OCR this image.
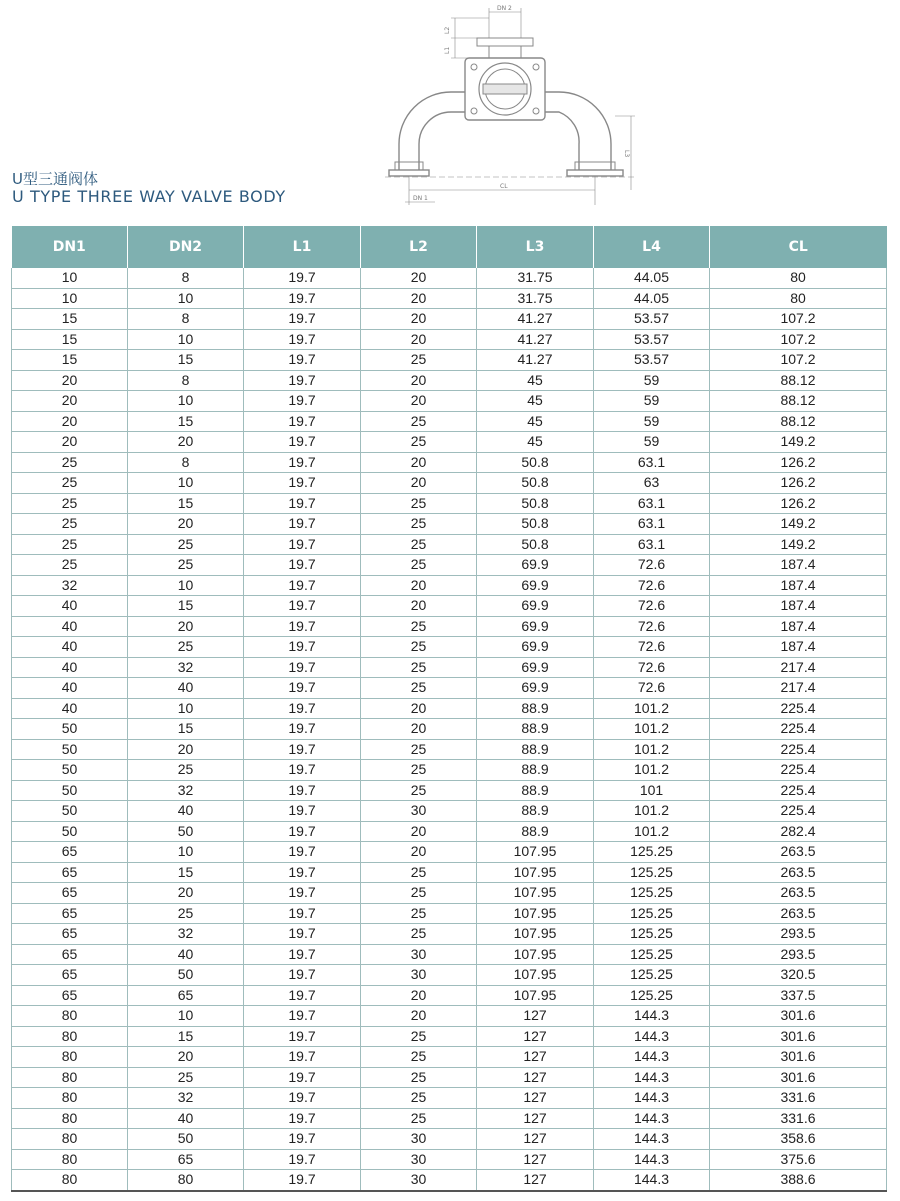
DN 2
L2
L1
L3
CL
DN 1
U型三通阀体
U TYPE THREE WAY VALVE BODY
DN1	DN2	L1	L2	L3	L4	CL
10	8	19.7	20	31.75	44.05	80
10	10	19.7	20	31.75	44.05	80
15	8	19.7	20	41.27	53.57	107.2
15	10	19.7	20	41.27	53.57	107.2
15	15	19.7	25	41.27	53.57	107.2
20	8	19.7	20	45	59	88.12
20	10	19.7	20	45	59	88.12
20	15	19.7	25	45	59	88.12
20	20	19.7	25	45	59	149.2
25	8	19.7	20	50.8	63.1	126.2
25	10	19.7	20	50.8	63	126.2
25	15	19.7	25	50.8	63.1	126.2
25	20	19.7	25	50.8	63.1	149.2
25	25	19.7	25	50.8	63.1	149.2
25	25	19.7	25	69.9	72.6	187.4
32	10	19.7	20	69.9	72.6	187.4
40	15	19.7	20	69.9	72.6	187.4
40	20	19.7	25	69.9	72.6	187.4
40	25	19.7	25	69.9	72.6	187.4
40	32	19.7	25	69.9	72.6	217.4
40	40	19.7	25	69.9	72.6	217.4
40	10	19.7	20	88.9	101.2	225.4
50	15	19.7	20	88.9	101.2	225.4
50	20	19.7	25	88.9	101.2	225.4
50	25	19.7	25	88.9	101.2	225.4
50	32	19.7	25	88.9	101	225.4
50	40	19.7	30	88.9	101.2	225.4
50	50	19.7	20	88.9	101.2	282.4
65	10	19.7	20	107.95	125.25	263.5
65	15	19.7	25	107.95	125.25	263.5
65	20	19.7	25	107.95	125.25	263.5
65	25	19.7	25	107.95	125.25	263.5
65	32	19.7	25	107.95	125.25	293.5
65	40	19.7	30	107.95	125.25	293.5
65	50	19.7	30	107.95	125.25	320.5
65	65	19.7	20	107.95	125.25	337.5
80	10	19.7	20	127	144.3	301.6
80	15	19.7	25	127	144.3	301.6
80	20	19.7	25	127	144.3	301.6
80	25	19.7	25	127	144.3	301.6
80	32	19.7	25	127	144.3	331.6
80	40	19.7	25	127	144.3	331.6
80	50	19.7	30	127	144.3	358.6
80	65	19.7	30	127	144.3	375.6
80	80	19.7	30	127	144.3	388.6
